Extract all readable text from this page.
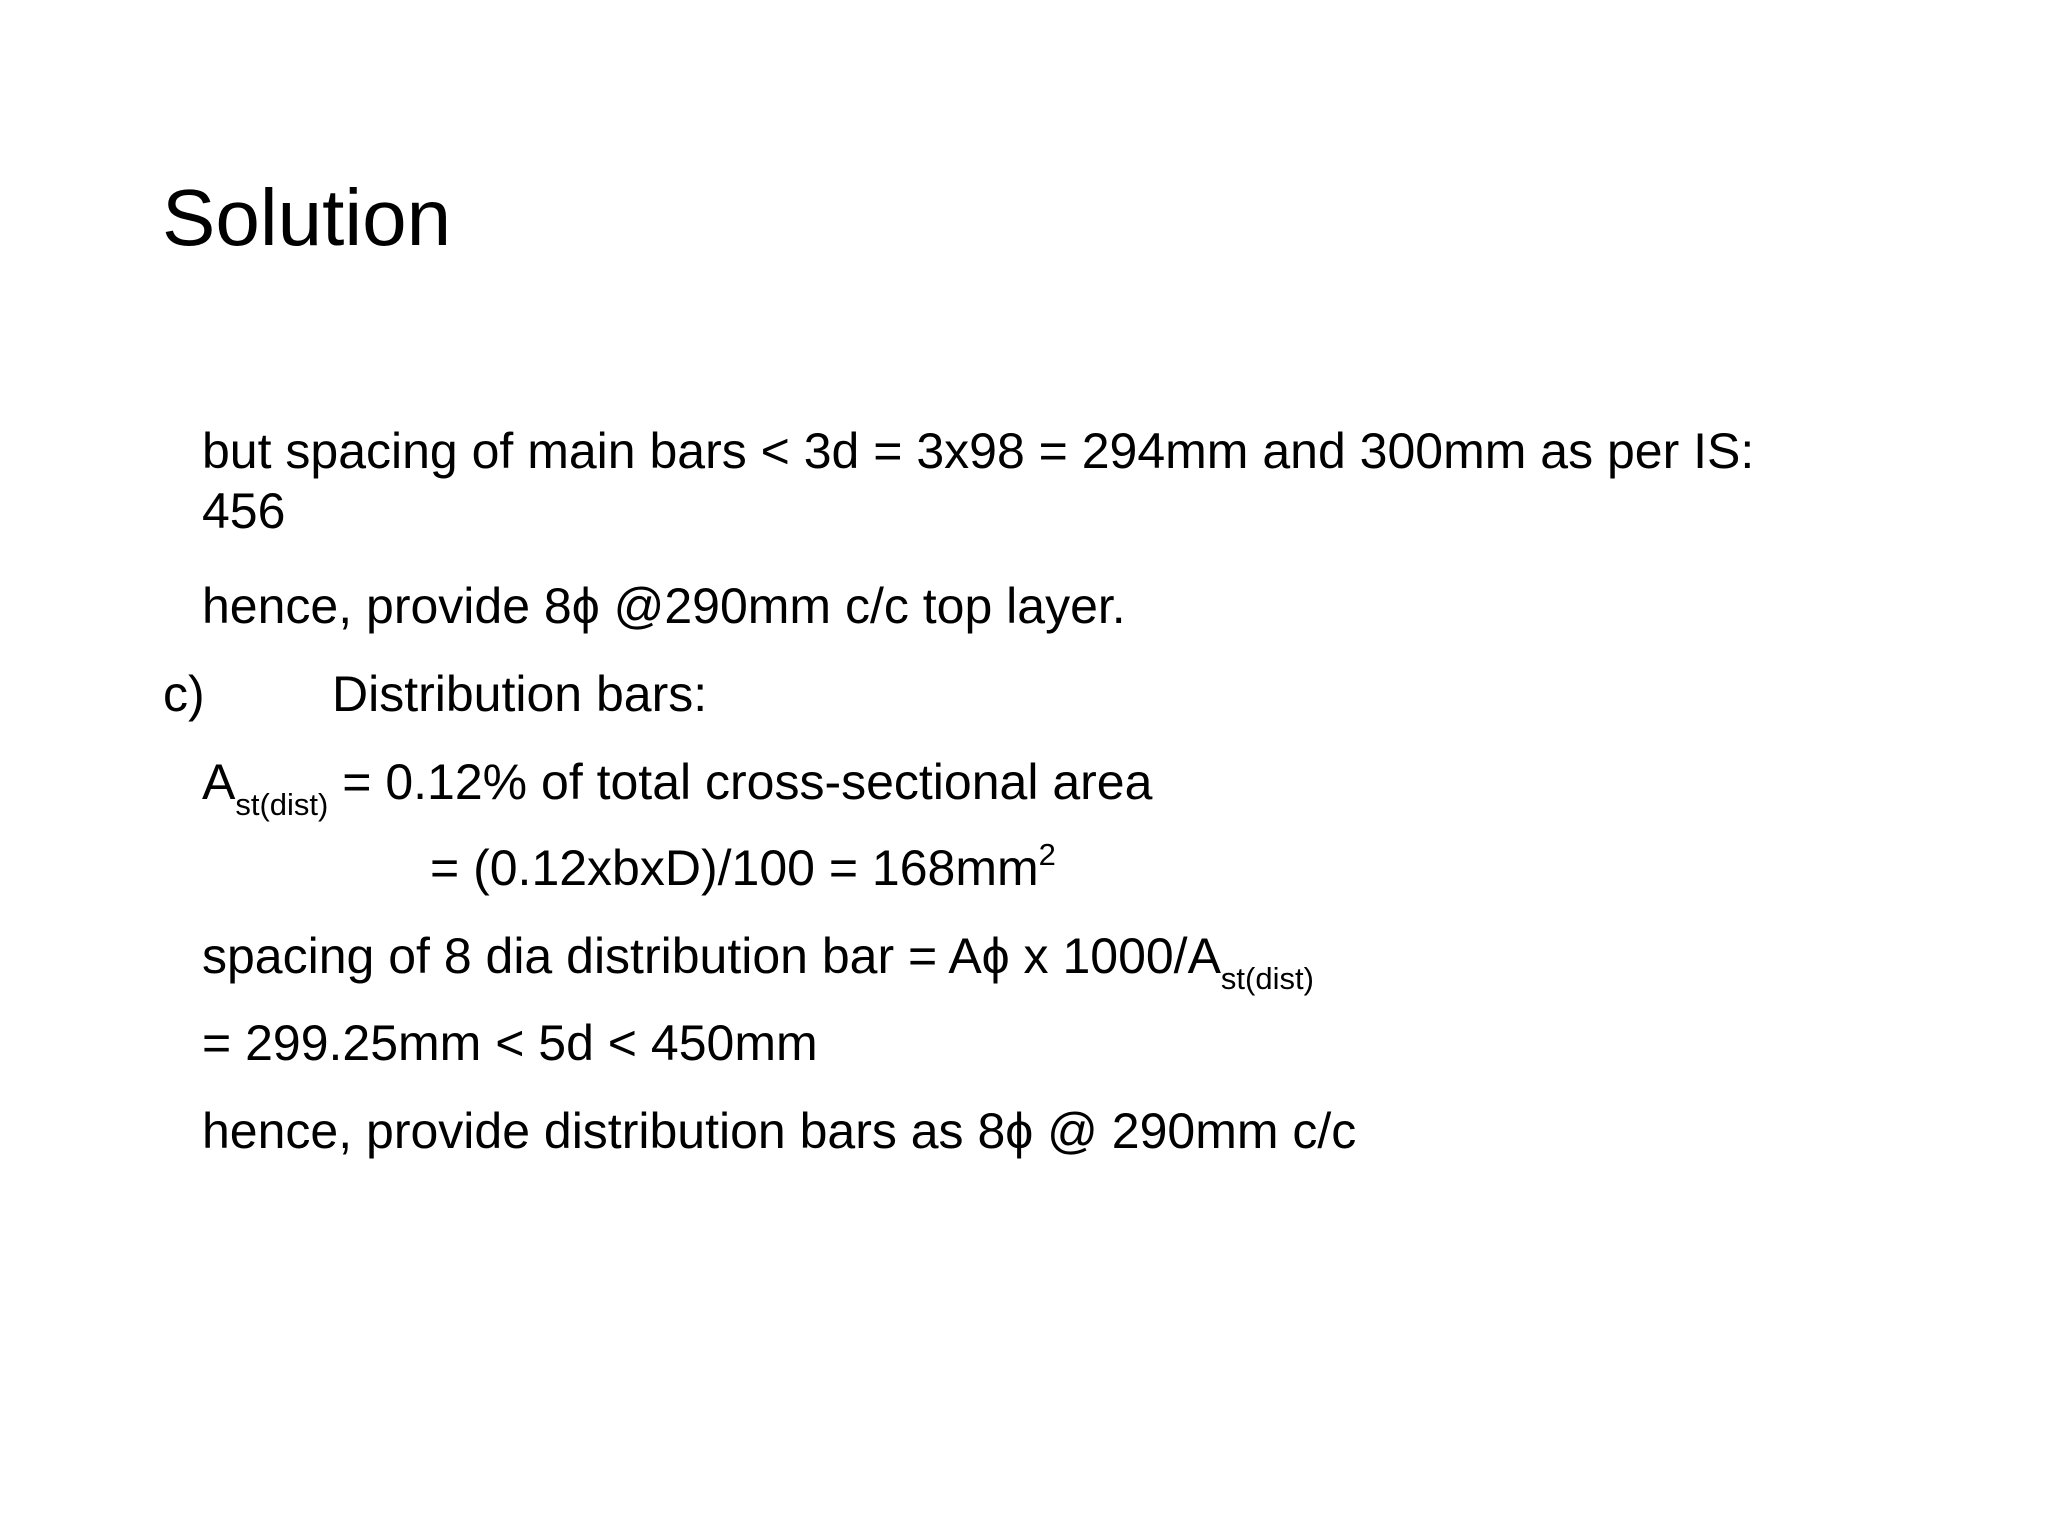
Solution
but spacing of main bars < 3d = 3x98 = 294mm and 300mm as per IS:
456
hence, provide 8ϕ @290mm c/c top layer.
c)	Distribution bars:
$A_{st(dist)} = 0.12\%$ of total cross-sectional area
= (0.12xbxD)/100 = $168mm^2$
spacing of 8 dia distribution bar = Aϕ x $1000/A_{st(dist)}$
= 299.25mm < 5d < 450mm
hence, provide distribution bars as 8ϕ @ 290mm c/c
